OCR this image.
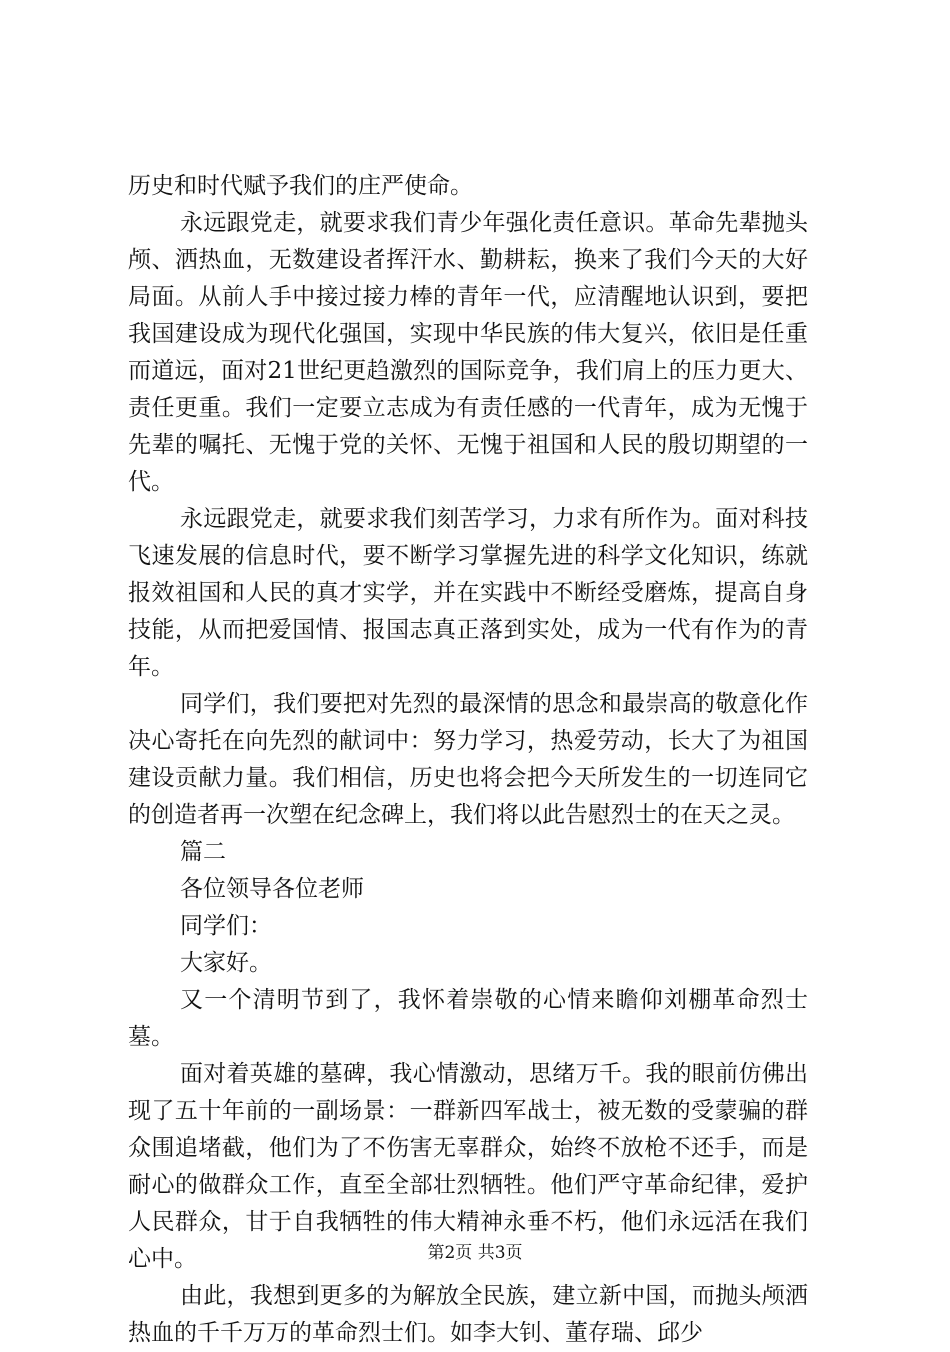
历史和时代赋予我们的庄严使命。

永远跟党走，就要求我们青少年强化责任意识。革命先辈抛头颅、洒热血，无数建设者挥汗水、勤耕耘，换来了我们今天的大好局面。从前人手中接过接力棒的青年一代，应清醒地认识到，要把我国建设成为现代化强国，实现中华民族的伟大复兴，依旧是任重而道远，面对21世纪更趋激烈的国际竞争，我们肩上的压力更大、责任更重。我们一定要立志成为有责任感的一代青年，成为无愧于先辈的嘱托、无愧于党的关怀、无愧于祖国和人民的殷切期望的一代。

永远跟党走，就要求我们刻苦学习，力求有所作为。面对科技飞速发展的信息时代，要不断学习掌握先进的科学文化知识，练就报效祖国和人民的真才实学，并在实践中不断经受磨炼，提高自身技能，从而把爱国情、报国志真正落到实处，成为一代有作为的青年。

同学们，我们要把对先烈的最深情的思念和最崇高的敬意化作决心寄托在向先烈的献词中：努力学习，热爱劳动，长大了为祖国建设贡献力量。我们相信，历史也将会把今天所发生的一切连同它的创造者再一次塑在纪念碑上，我们将以此告慰烈士的在天之灵。

篇二

各位领导各位老师

同学们：

大家好。

又一个清明节到了，我怀着崇敬的心情来瞻仰刘棚革命烈士墓。

面对着英雄的墓碑，我心情激动，思绪万千。我的眼前仿佛出现了五十年前的一副场景：一群新四军战士，被无数的受蒙骗的群众围追堵截，他们为了不伤害无辜群众，始终不放枪不还手，而是耐心的做群众工作，直至全部壮烈牺牲。他们严守革命纪律，爱护人民群众，甘于自我牺牲的伟大精神永垂不朽，他们永远活在我们心中。

由此，我想到更多的为解放全民族，建立新中国，而抛头颅洒热血的千千万万的革命烈士们。如李大钊、董存瑞、邱少

第2页 共3页
